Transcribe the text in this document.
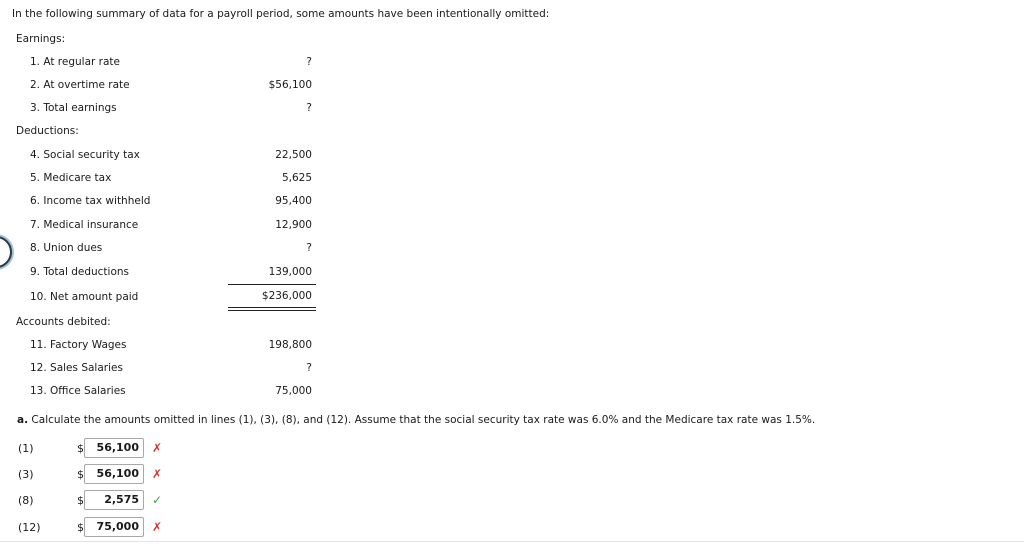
In the following summary of data for a payroll period, some amounts have been intentionally omitted:
Earnings:
1. At regular rate	?
2. At overtime rate	$56,100
3. Total earnings	?
Deductions:
4. Social security tax	22,500
5. Medicare tax	5,625
6. Income tax withheld	95,400
7. Medical insurance	12,900
8. Union dues	?
9. Total deductions	139,000
10. Net amount paid	$236,000
Accounts debited:
11. Factory Wages	198,800
12. Sales Salaries	?
13. Office Salaries	75,000
a. Calculate the amounts omitted in lines (1), (3), (8), and (12). Assume that the social security tax rate was 6.0% and the Medicare tax rate was 1.5%.
(1)	$	56,100	✗
(3)	$	56,100	✗
(8)	$	2,575	✓
(12)	$	75,000	✗
